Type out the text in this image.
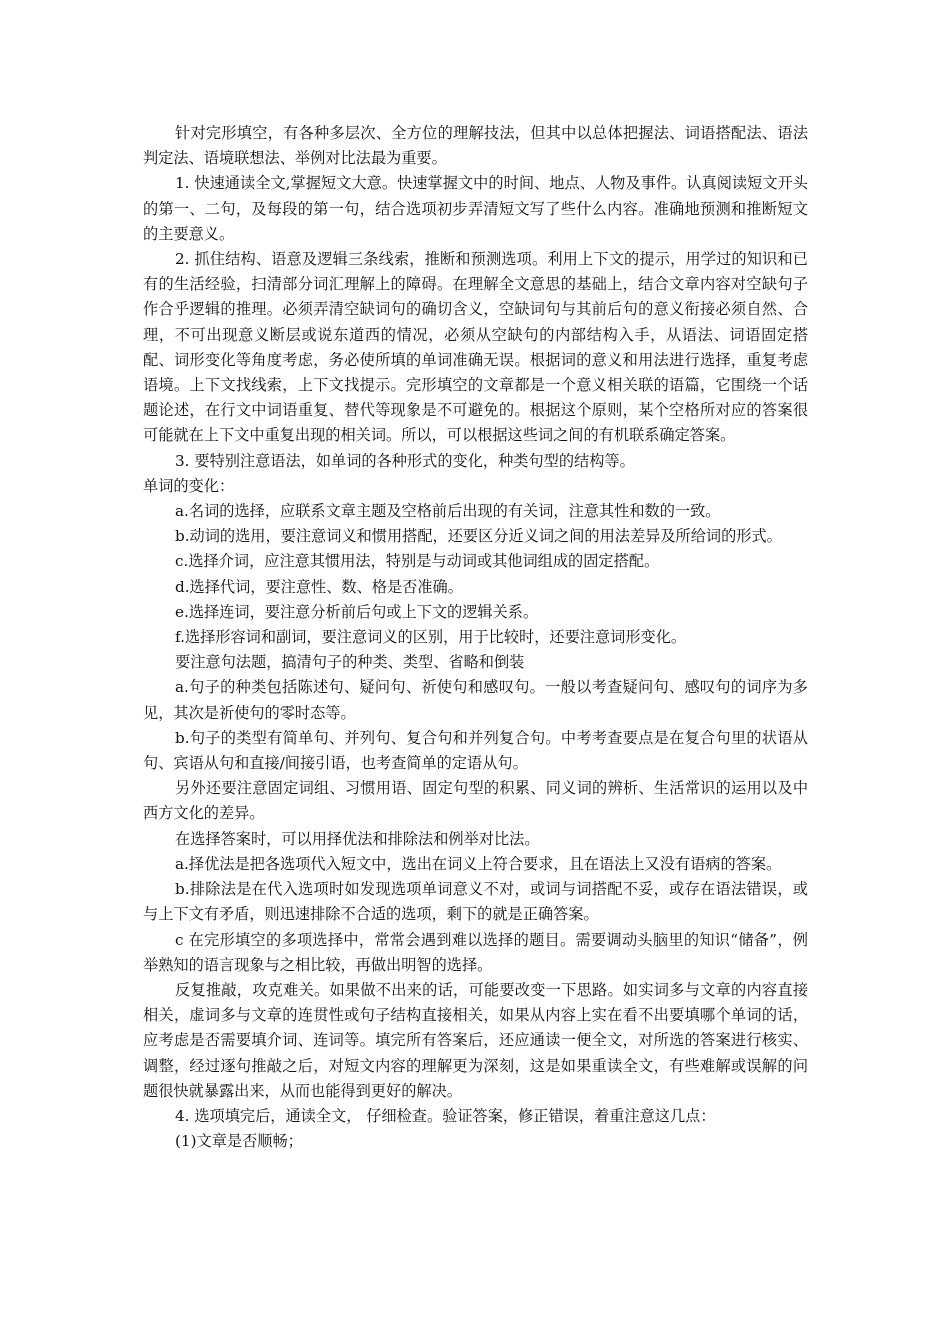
针对完形填空，有各种多层次、全方位的理解技法，但其中以总体把握法、词语搭配法、语法判定法、语境联想法、举例对比法最为重要。

1. 快速通读全文,掌握短文大意。快速掌握文中的时间、地点、人物及事件。认真阅读短文开头的第一、二句，及每段的第一句，结合选项初步弄清短文写了些什么内容。准确地预测和推断短文的主要意义。

2. 抓住结构、语意及逻辑三条线索，推断和预测选项。利用上下文的提示，用学过的知识和已有的生活经验，扫清部分词汇理解上的障碍。在理解全文意思的基础上，结合文章内容对空缺句子作合乎逻辑的推理。必须弄清空缺词句的确切含义，空缺词句与其前后句的意义衔接必须自然、合理，不可出现意义断层或说东道西的情况，必须从空缺句的内部结构入手，从语法、词语固定搭配、词形变化等角度考虑，务必使所填的单词准确无误。根据词的意义和用法进行选择，重复考虑语境。上下文找线索，上下文找提示。完形填空的文章都是一个意义相关联的语篇，它围绕一个话题论述，在行文中词语重复、替代等现象是不可避免的。根据这个原则，某个空格所对应的答案很可能就在上下文中重复出现的相关词。所以，可以根据这些词之间的有机联系确定答案。

3. 要特别注意语法，如单词的各种形式的变化，种类句型的结构等。

单词的变化：

a.名词的选择，应联系文章主题及空格前后出现的有关词，注意其性和数的一致。

b.动词的选用，要注意词义和惯用搭配，还要区分近义词之间的用法差异及所给词的形式。

c.选择介词，应注意其惯用法，特别是与动词或其他词组成的固定搭配。

d.选择代词，要注意性、数、格是否准确。

e.选择连词，要注意分析前后句或上下文的逻辑关系。

f.选择形容词和副词，要注意词义的区别，用于比较时，还要注意词形变化。

要注意句法题，搞清句子的种类、类型、省略和倒装

a.句子的种类包括陈述句、疑问句、祈使句和感叹句。一般以考查疑问句、感叹句的词序为多见，其次是祈使句的零时态等。

b.句子的类型有简单句、并列句、复合句和并列复合句。中考考查要点是在复合句里的状语从句、宾语从句和直接/间接引语，也考查简单的定语从句。

另外还要注意固定词组、习惯用语、固定句型的积累、同义词的辨析、生活常识的运用以及中西方文化的差异。

在选择答案时，可以用择优法和排除法和例举对比法。

a.择优法是把各选项代入短文中，选出在词义上符合要求，且在语法上又没有语病的答案。

b.排除法是在代入选项时如发现选项单词意义不对，或词与词搭配不妥，或存在语法错误，或与上下文有矛盾，则迅速排除不合适的选项，剩下的就是正确答案。

c 在完形填空的多项选择中，常常会遇到难以选择的题目。需要调动头脑里的知识“储备”，例举熟知的语言现象与之相比较，再做出明智的选择。

反复推敲，攻克难关。如果做不出来的话，可能要改变一下思路。如实词多与文章的内容直接相关，虚词多与文章的连贯性或句子结构直接相关，如果从内容上实在看不出要填哪个单词的话，应考虑是否需要填介词、连词等。填完所有答案后，还应通读一便全文，对所选的答案进行核实、调整，经过逐句推敲之后，对短文内容的理解更为深刻，这是如果重读全文，有些难解或误解的问题很快就暴露出来，从而也能得到更好的解决。

4. 选项填完后，通读全文， 仔细检查。验证答案，修正错误，着重注意这几点：

(1)文章是否顺畅；
